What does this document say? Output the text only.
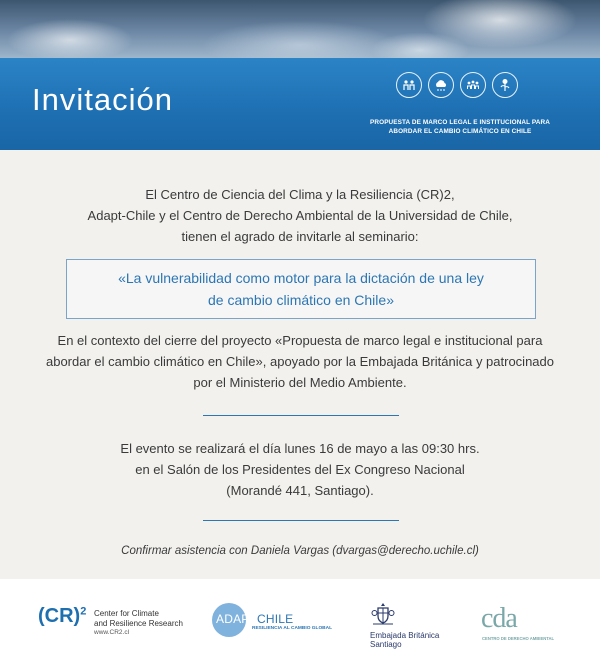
Invitación
PROPUESTA DE MARCO LEGAL E INSTITUCIONAL PARA
ABORDAR EL CAMBIO CLIMÁTICO EN CHILE
El Centro de Ciencia del Clima y la Resiliencia (CR)2,
Adapt-Chile y el Centro de Derecho Ambiental de la Universidad de Chile,
tienen el agrado de invitarle al seminario:
«La vulnerabilidad como motor para la dictación de una ley
de cambio climático en Chile»
En el contexto del cierre del proyecto «Propuesta de marco legal e institucional para
abordar el cambio climático en Chile», apoyado por la Embajada Británica y patrocinado
por el Ministerio del Medio Ambiente.
El evento se realizará el día lunes 16 de mayo a las 09:30 hrs.
en el Salón de los Presidentes del Ex Congreso Nacional
(Morandé 441, Santiago).
Confirmar asistencia con Daniela Vargas (dvargas@derecho.uchile.cl)
(CR)$^2$ Center for Climate
and Resilience Research
www.CR2.cl
ADAPTCHILE
RESILIENCIA AL CAMBIO GLOBAL
Embajada Británica
Santiago
cda
CENTRO DE DERECHO AMBIENTAL
